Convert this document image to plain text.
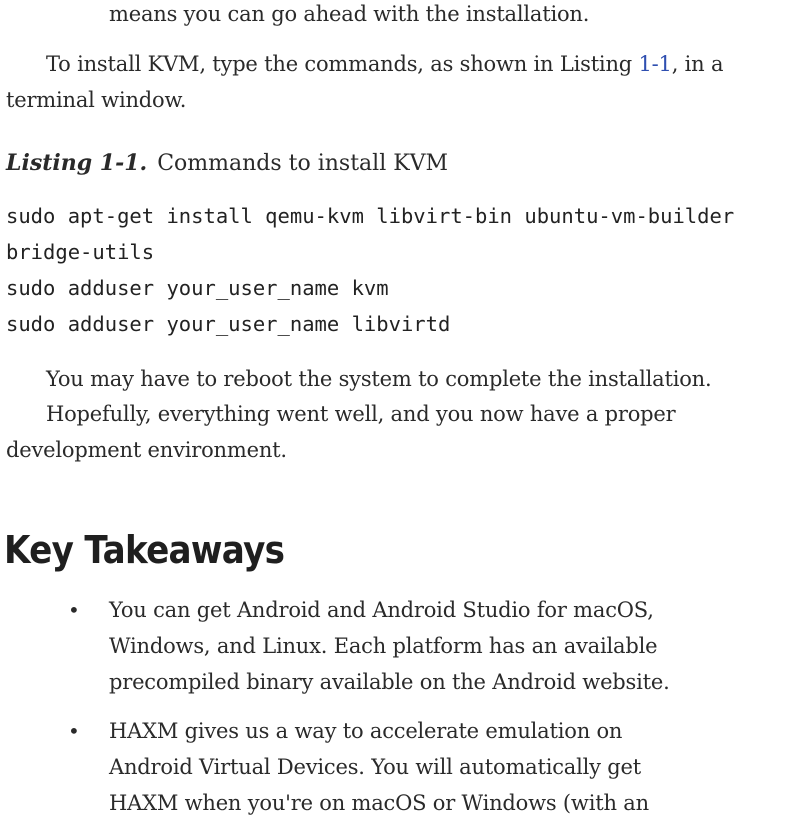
means you can go ahead with the installation.
To install KVM, type the commands, as shown in Listing 1-1, in a
terminal window.
Listing 1-1. Commands to install KVM
sudo apt-get install qemu-kvm libvirt-bin ubuntu-vm-builder
bridge-utils
sudo adduser your_user_name kvm
sudo adduser your_user_name libvirtd
You may have to reboot the system to complete the installation.
Hopefully, everything went well, and you now have a proper
development environment.
Key Takeaways
• You can get Android and Android Studio for macOS,
Windows, and Linux. Each platform has an available
precompiled binary available on the Android website.
• HAXM gives us a way to accelerate emulation on
Android Virtual Devices. You will automatically get
HAXM when you're on macOS or Windows (with an
